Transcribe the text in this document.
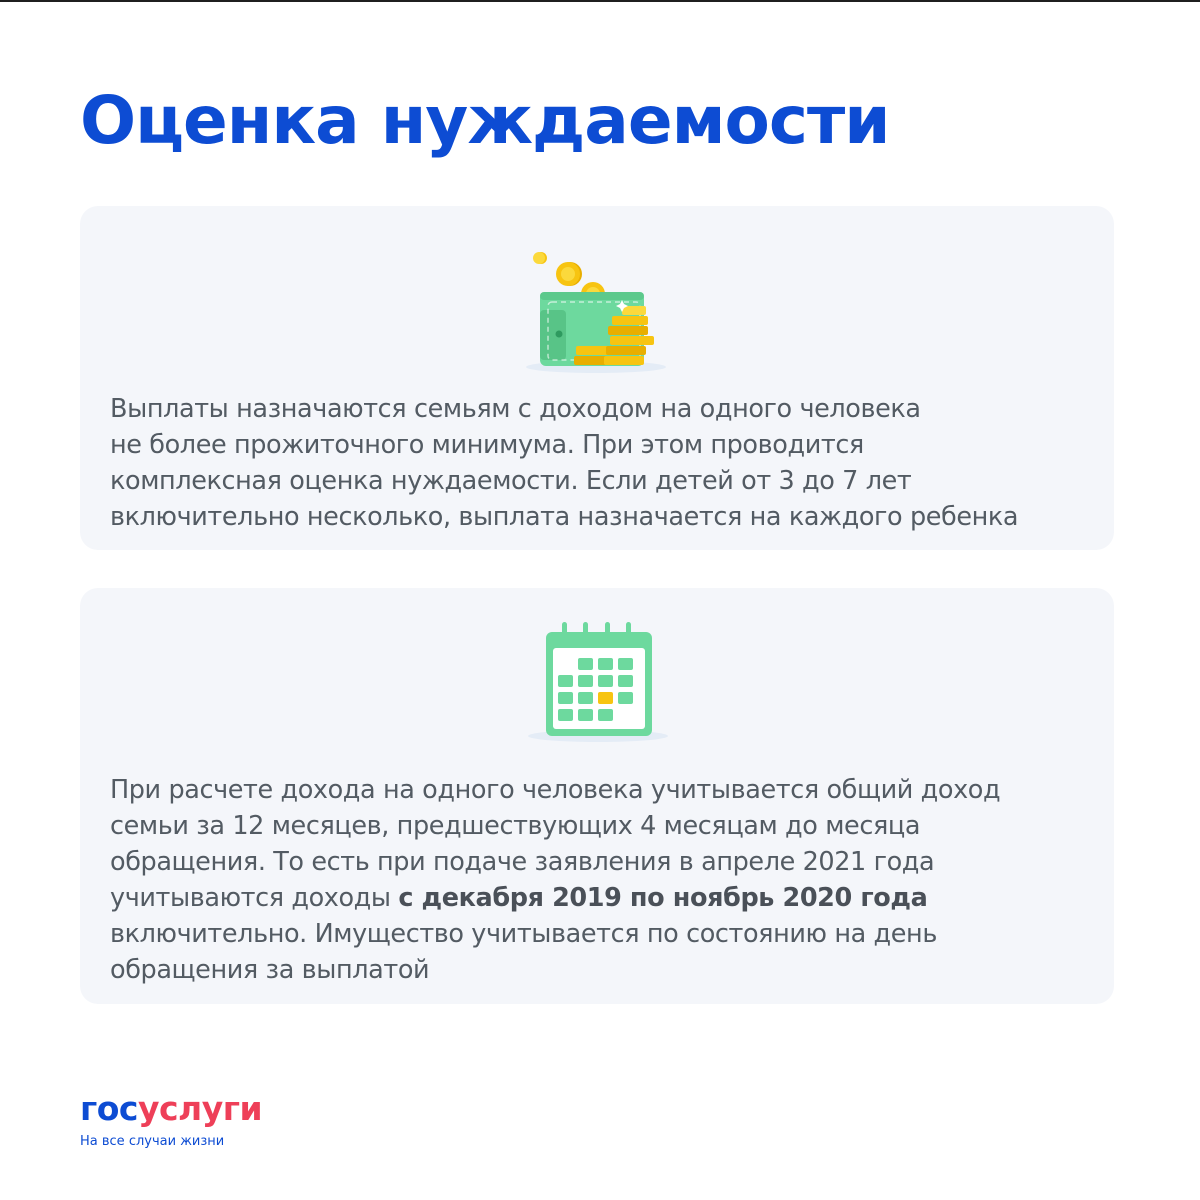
Оценка нуждаемости

Выплаты назначаются семьям с доходом на одного человека
не более прожиточного минимума. При этом проводится
комплексная оценка нуждаемости. Если детей от 3 до 7 лет
включительно несколько, выплата назначается на каждого ребенка

При расчете дохода на одного человека учитывается общий доход
семьи за 12 месяцев, предшествующих 4 месяцам до месяца
обращения. То есть при подаче заявления в апреле 2021 года
учитываются доходы с декабря 2019 по ноябрь 2020 года
включительно. Имущество учитывается по состоянию на день
обращения за выплатой

госуслуги
На все случаи жизни
